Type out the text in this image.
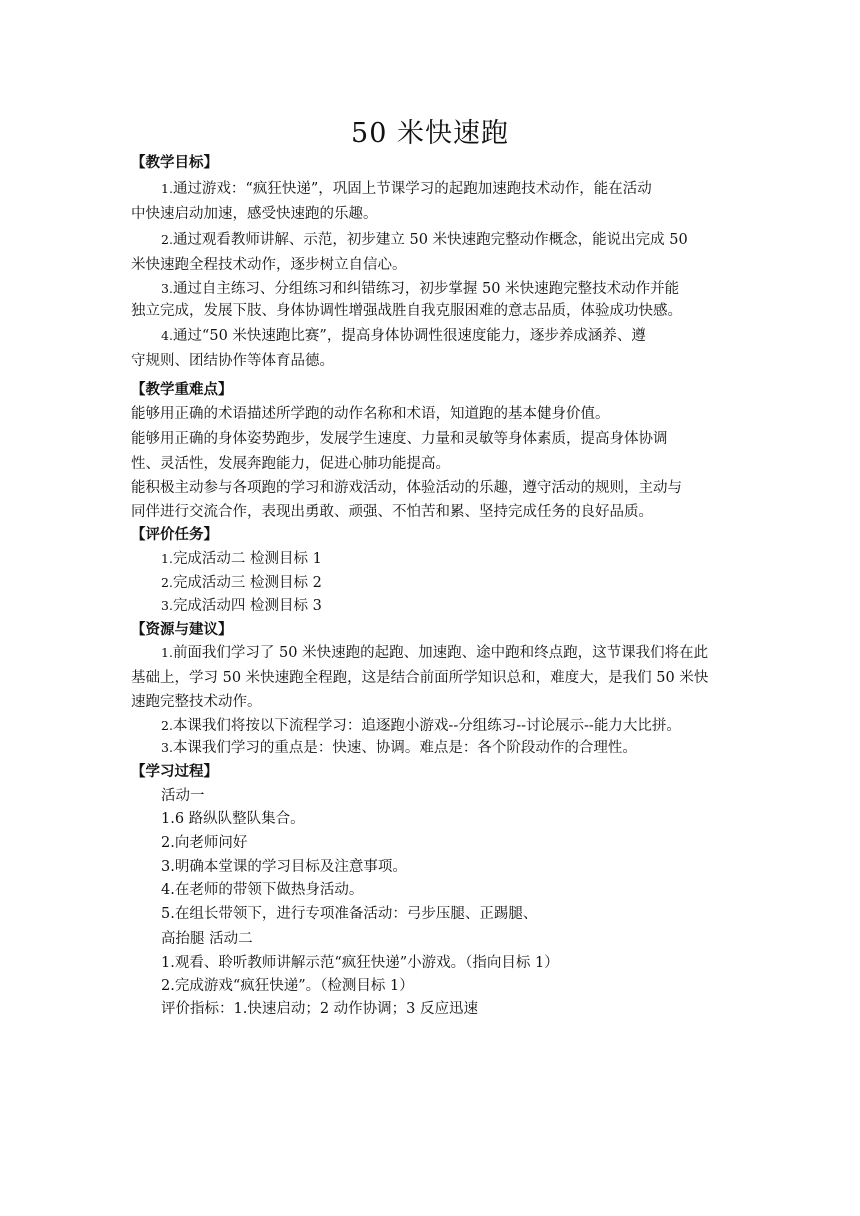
50 米快速跑
【教学目标】
1.通过游戏：“疯狂快递”，巩固上节课学习的起跑加速跑技术动作，能在活动
中快速启动加速，感受快速跑的乐趣。
2.通过观看教师讲解、示范，初步建立 50 米快速跑完整动作概念，能说出完成 50
米快速跑全程技术动作，逐步树立自信心。
3.通过自主练习、分组练习和纠错练习，初步掌握 50 米快速跑完整技术动作并能
独立完成，发展下肢、身体协调性增强战胜自我克服困难的意志品质，体验成功快感。
4.通过“50 米快速跑比赛”，提高身体协调性很速度能力，逐步养成涵养、遵
守规则、团结协作等体育品德。
【教学重难点】
能够用正确的术语描述所学跑的动作名称和术语，知道跑的基本健身价值。
能够用正确的身体姿势跑步，发展学生速度、力量和灵敏等身体素质，提高身体协调
性、灵活性，发展奔跑能力，促进心肺功能提高。
能积极主动参与各项跑的学习和游戏活动，体验活动的乐趣，遵守活动的规则，主动与
同伴进行交流合作，表现出勇敢、顽强、不怕苦和累、坚持完成任务的良好品质。
【评价任务】
1.完成活动二 检测目标 1
2.完成活动三 检测目标 2
3.完成活动四 检测目标 3
【资源与建议】
1.前面我们学习了 50 米快速跑的起跑、加速跑、途中跑和终点跑，这节课我们将在此
基础上，学习 50 米快速跑全程跑，这是结合前面所学知识总和，难度大，是我们 50 米快
速跑完整技术动作。
2.本课我们将按以下流程学习：追逐跑小游戏--分组练习--讨论展示--能力大比拼。
3.本课我们学习的重点是：快速、协调。难点是：各个阶段动作的合理性。
【学习过程】
活动一
1.6 路纵队整队集合。
2.向老师问好
3.明确本堂课的学习目标及注意事项。
4.在老师的带领下做热身活动。
5.在组长带领下，进行专项准备活动：弓步压腿、正踢腿、
高抬腿 活动二
1.观看、聆听教师讲解示范“疯狂快递”小游戏。（指向目标 1）
2.完成游戏“疯狂快递”。（检测目标 1）
评价指标：1.快速启动；2 动作协调；3 反应迅速
